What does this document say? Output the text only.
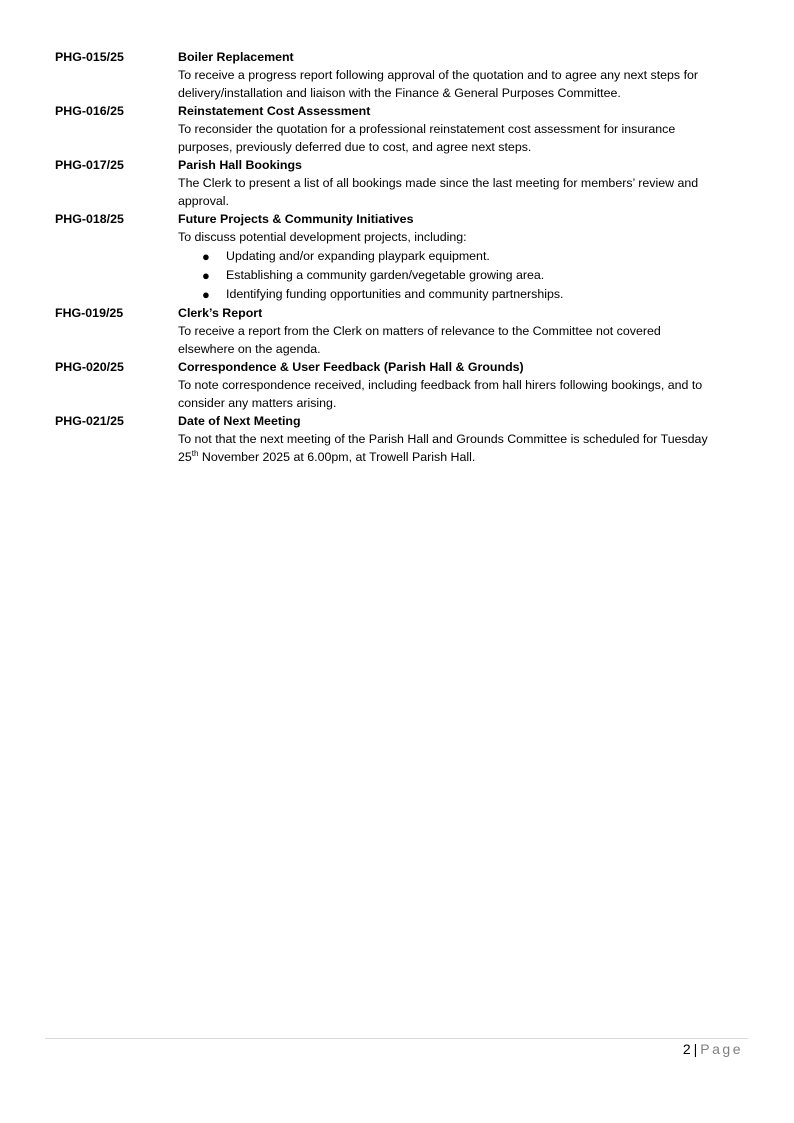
PHG-015/25	Boiler Replacement
To receive a progress report following approval of the quotation and to agree any next steps for
delivery/installation and liaison with the Finance & General Purposes Committee.
PHG-016/25	Reinstatement Cost Assessment
To reconsider the quotation for a professional reinstatement cost assessment for insurance
purposes, previously deferred due to cost, and agree next steps.
PHG-017/25	Parish Hall Bookings
The Clerk to present a list of all bookings made since the last meeting for members’ review and
approval.
PHG-018/25	Future Projects & Community Initiatives
To discuss potential development projects, including:
● Updating and/or expanding playpark equipment.
● Establishing a community garden/vegetable growing area.
● Identifying funding opportunities and community partnerships.
FHG-019/25	Clerk’s Report
To receive a report from the Clerk on matters of relevance to the Committee not covered
elsewhere on the agenda.
PHG-020/25	Correspondence & User Feedback (Parish Hall & Grounds)
To note correspondence received, including feedback from hall hirers following bookings, and to
consider any matters arising.
PHG-021/25	Date of Next Meeting
To not that the next meeting of the Parish Hall and Grounds Committee is scheduled for Tuesday
25th November 2025 at 6.00pm, at Trowell Parish Hall.
2 | Page
